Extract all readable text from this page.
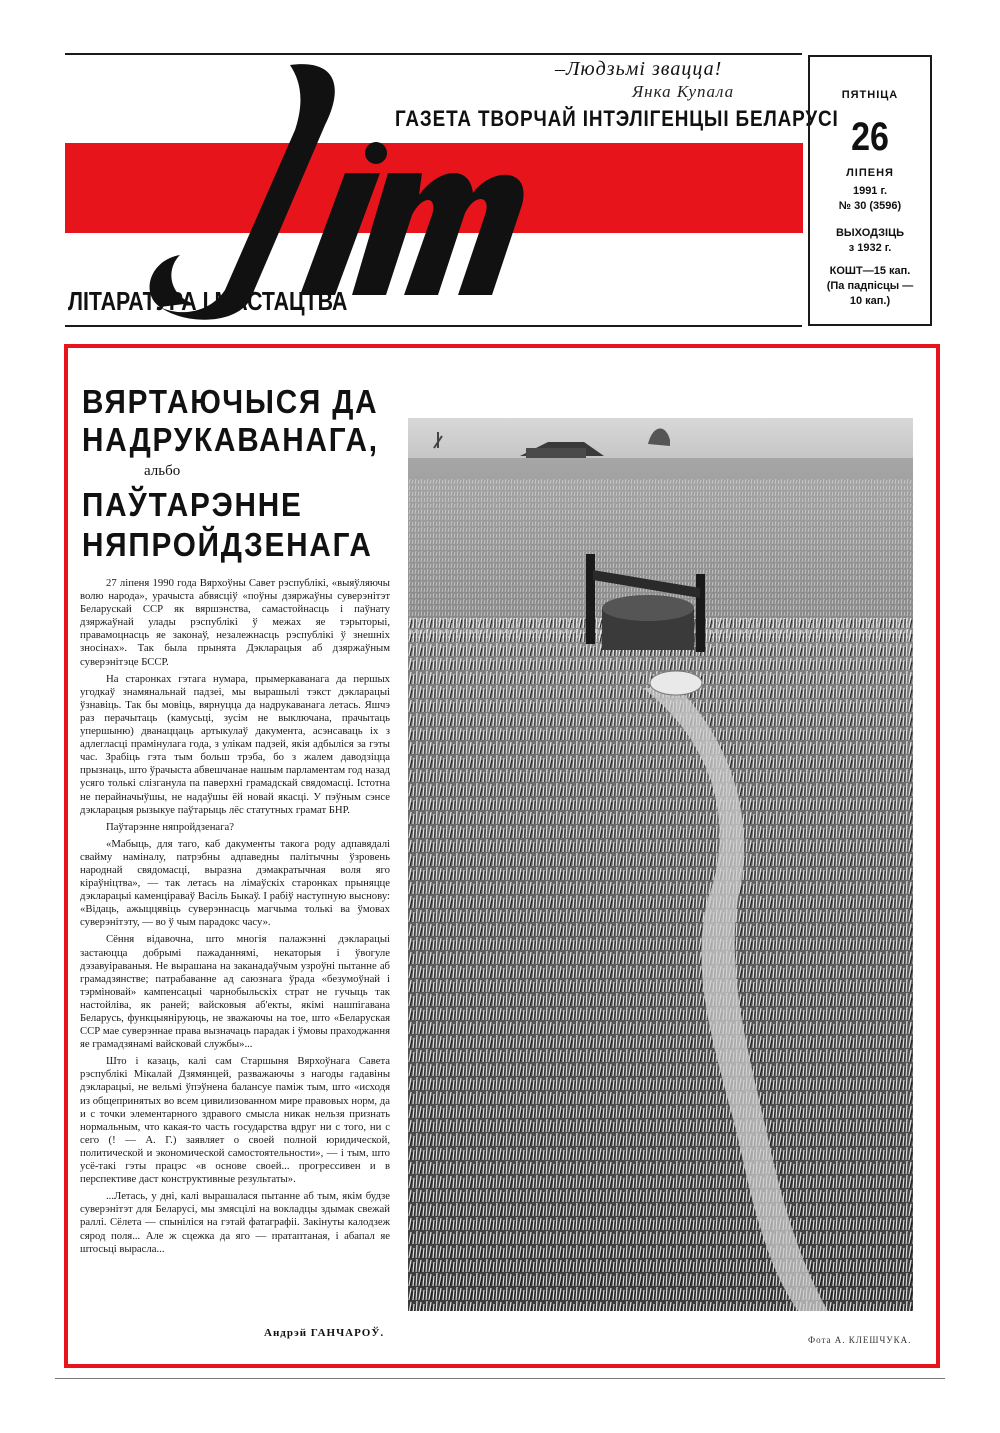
ЛіМ
–Людзьмі звацца!
Янка Купала
ГАЗЕТА ТВОРЧАЙ ІНТЭЛІГЕНЦЫІ БЕЛАРУСІ
ЛІТАРАТУРА І МАСТАЦТВА
ПЯТНІЦА
26
ЛІПЕНЯ
1991 г.
№ 30 (3596)
ВЫХОДЗІЦЬ
з 1932 г.
КОШТ—15 кап.
(Па падпісцы —
10 кап.)
ВЯРТАЮЧЫСЯ ДА
НАДРУКАВАНАГА,
альбо
ПАЎТАРЭННЕ
НЯПРОЙДЗЕНАГА

27 ліпеня 1990 года Вярхоўны Савет рэспублікі, «выяўляючы волю народа», урачыста абвясціў «поўны дзяржаўны суверэнітэт Беларускай ССР як вяршэнства, самастойнасць і паўнату дзяржаўнай улады рэспублікі ў межах яе тэрыторыі, правамоцнасць яе законаў, незалежнасць рэспублікі ў знешніх зносінах». Так была прынята Дэкларацыя аб дзяржаўным суверэнітэце БССР.

На старонках гэтага нумара, прымеркаванага да першых угодкаў знамянальнай падзеі, мы вырашылі тэкст дэкларацыі ўзнавіць. Так бы мовіць, вярнуцца да надрукаванага летась. Яшчэ раз перачытаць (камусьці, зусім не выключана, прачытаць упершыню) дванаццаць артыкулаў дакумента, асэнсаваць іх з адлегласці прамінулага года, з улікам падзей, якія адбыліся за гэты час. Зрабіць гэта тым больш трэба, бо з жалем даводзіцца прызнаць, што ўрачыста абвешчанае нашым парламентам год назад усяго толькі слізганула па паверхні грамадскай свядомасці. Істотна не перайначыўшы, не надаўшы ёй новай якасці. У пэўным сэнсе дэкларацыя рызыкуе паўтарыць лёс статутных грамат БНР.

Паўтарэнне няпройдзенага?

«Мабыць, для таго, каб дакументы такога роду адпавядалі свайму наміналу, патрэбны адпаведны палітычны ўзровень народнай свядомасці, выразна дэмакратычная воля яго кіраўніцтва», — так летась на лімаўскіх старонках прыняцце дэкларацыі каменціраваў Васіль Быкаў. І рабіў наступную выснову: «Відаць, ажыццявіць суверэннасць магчыма толькі ва ўмовах суверэнітэту, — во ў чым парадокс часу».

Сёння відавочна, што многія палажэнні дэкларацыі застаюцца добрымі пажаданнямі, некаторыя і ўвогуле дэзавуіраваныя. Не вырашана на заканадаўчым узроўні пытанне аб грамадзянстве; патрабаванне ад саюзнага ўрада «безумоўнай і тэрміновай» кампенсацыі чарнобыльскіх страт не гучыць так настойліва, як раней; вайсковыя аб'екты, якімі нашпігавана Беларусь, функцыяніруюць, не зважаючы на тое, што «Беларуская ССР мае суверэннае права вызначаць парадак і ўмовы праходжання яе грамадзянамі вайсковай службы»...

Што і казаць, калі сам Старшыня Вярхоўнага Савета рэспублікі Мікалай Дзямянцей, разважаючы з нагоды гадавіны дэкларацыі, не вельмі ўпэўнена балансуе паміж тым, што «исходя из общепринятых во всем цивилизованном мире правовых норм, да и с точки элементарного здравого смысла никак нельзя признать нормальным, что какая-то часть государства вдруг ни с того, ни с сего (! — А. Г.) заявляет о своей полной юридической, политической и экономической самостоятельности», — і тым, што усё-такі гэты працэс «в основе своей... прогрессивен и в перспективе даст конструктивные результаты».

...Летась, у дні, калі вырашалася пытанне аб тым, якім будзе суверэнітэт для Беларусі, мы змясцілі на вокладцы здымак свежай раллі. Сёлета — спыніліся на гэтай фатаграфіі. Закінуты калодзеж сярод поля... Але ж сцежка да яго — пратаптаная, і абапал яе штосьці вырасла...

Андрэй ГАНЧАРОЎ.
Фота А. КЛЕШЧУКА.
